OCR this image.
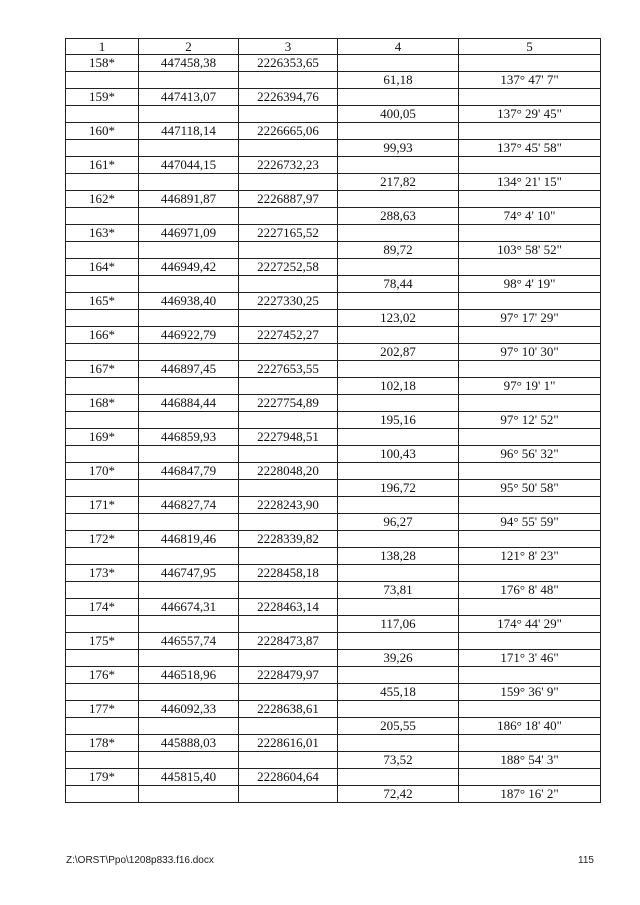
1	2	3	4	5
158*	447458,38	2226353,65		
			61,18	137° 47' 7"
159*	447413,07	2226394,76		
			400,05	137° 29' 45"
160*	447118,14	2226665,06		
			99,93	137° 45' 58"
161*	447044,15	2226732,23		
			217,82	134° 21' 15"
162*	446891,87	2226887,97		
			288,63	74° 4' 10"
163*	446971,09	2227165,52		
			89,72	103° 58' 52"
164*	446949,42	2227252,58		
			78,44	98° 4' 19"
165*	446938,40	2227330,25		
			123,02	97° 17' 29"
166*	446922,79	2227452,27		
			202,87	97° 10' 30"
167*	446897,45	2227653,55		
			102,18	97° 19' 1"
168*	446884,44	2227754,89		
			195,16	97° 12' 52"
169*	446859,93	2227948,51		
			100,43	96° 56' 32"
170*	446847,79	2228048,20		
			196,72	95° 50' 58"
171*	446827,74	2228243,90		
			96,27	94° 55' 59"
172*	446819,46	2228339,82		
			138,28	121° 8' 23"
173*	446747,95	2228458,18		
			73,81	176° 8' 48"
174*	446674,31	2228463,14		
			117,06	174° 44' 29"
175*	446557,74	2228473,87		
			39,26	171° 3' 46"
176*	446518,96	2228479,97		
			455,18	159° 36' 9"
177*	446092,33	2228638,61		
			205,55	186° 18' 40"
178*	445888,03	2228616,01		
			73,52	188° 54' 3"
179*	445815,40	2228604,64		
			72,42	187° 16' 2"
Z:\ORST\Ppo\1208p833.f16.docx	115
